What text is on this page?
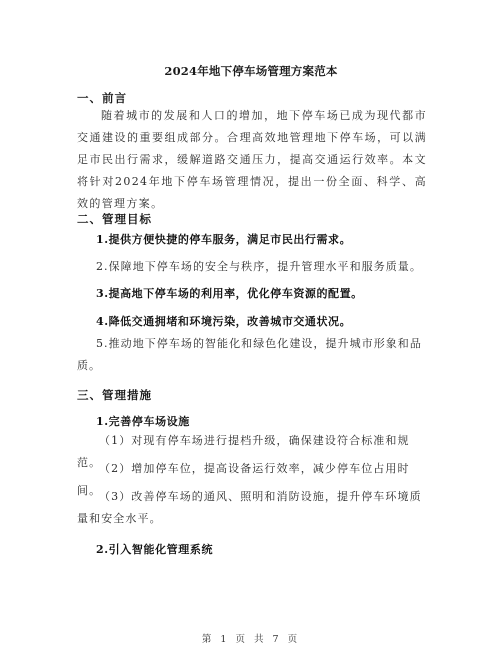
2024年地下停车场管理方案范本
一、前言
随着城市的发展和人口的增加，地下停车场已成为现代都市交通建设的重要组成部分。合理高效地管理地下停车场，可以满足市民出行需求，缓解道路交通压力，提高交通运行效率。本文将针对2024年地下停车场管理情况，提出一份全面、科学、高效的管理方案。
二、管理目标
1.提供方便快捷的停车服务，满足市民出行需求。
2.保障地下停车场的安全与秩序，提升管理水平和服务质量。
3.提高地下停车场的利用率，优化停车资源的配置。
4.降低交通拥堵和环境污染，改善城市交通状况。
5.推动地下停车场的智能化和绿色化建设，提升城市形象和品质。
三、管理措施
1.完善停车场设施
（1）对现有停车场进行提档升级，确保建设符合标准和规范。
（2）增加停车位，提高设备运行效率，减少停车位占用时间。
（3）改善停车场的通风、照明和消防设施，提升停车环境质量和安全水平。
2.引入智能化管理系统
第 1 页 共 7 页
